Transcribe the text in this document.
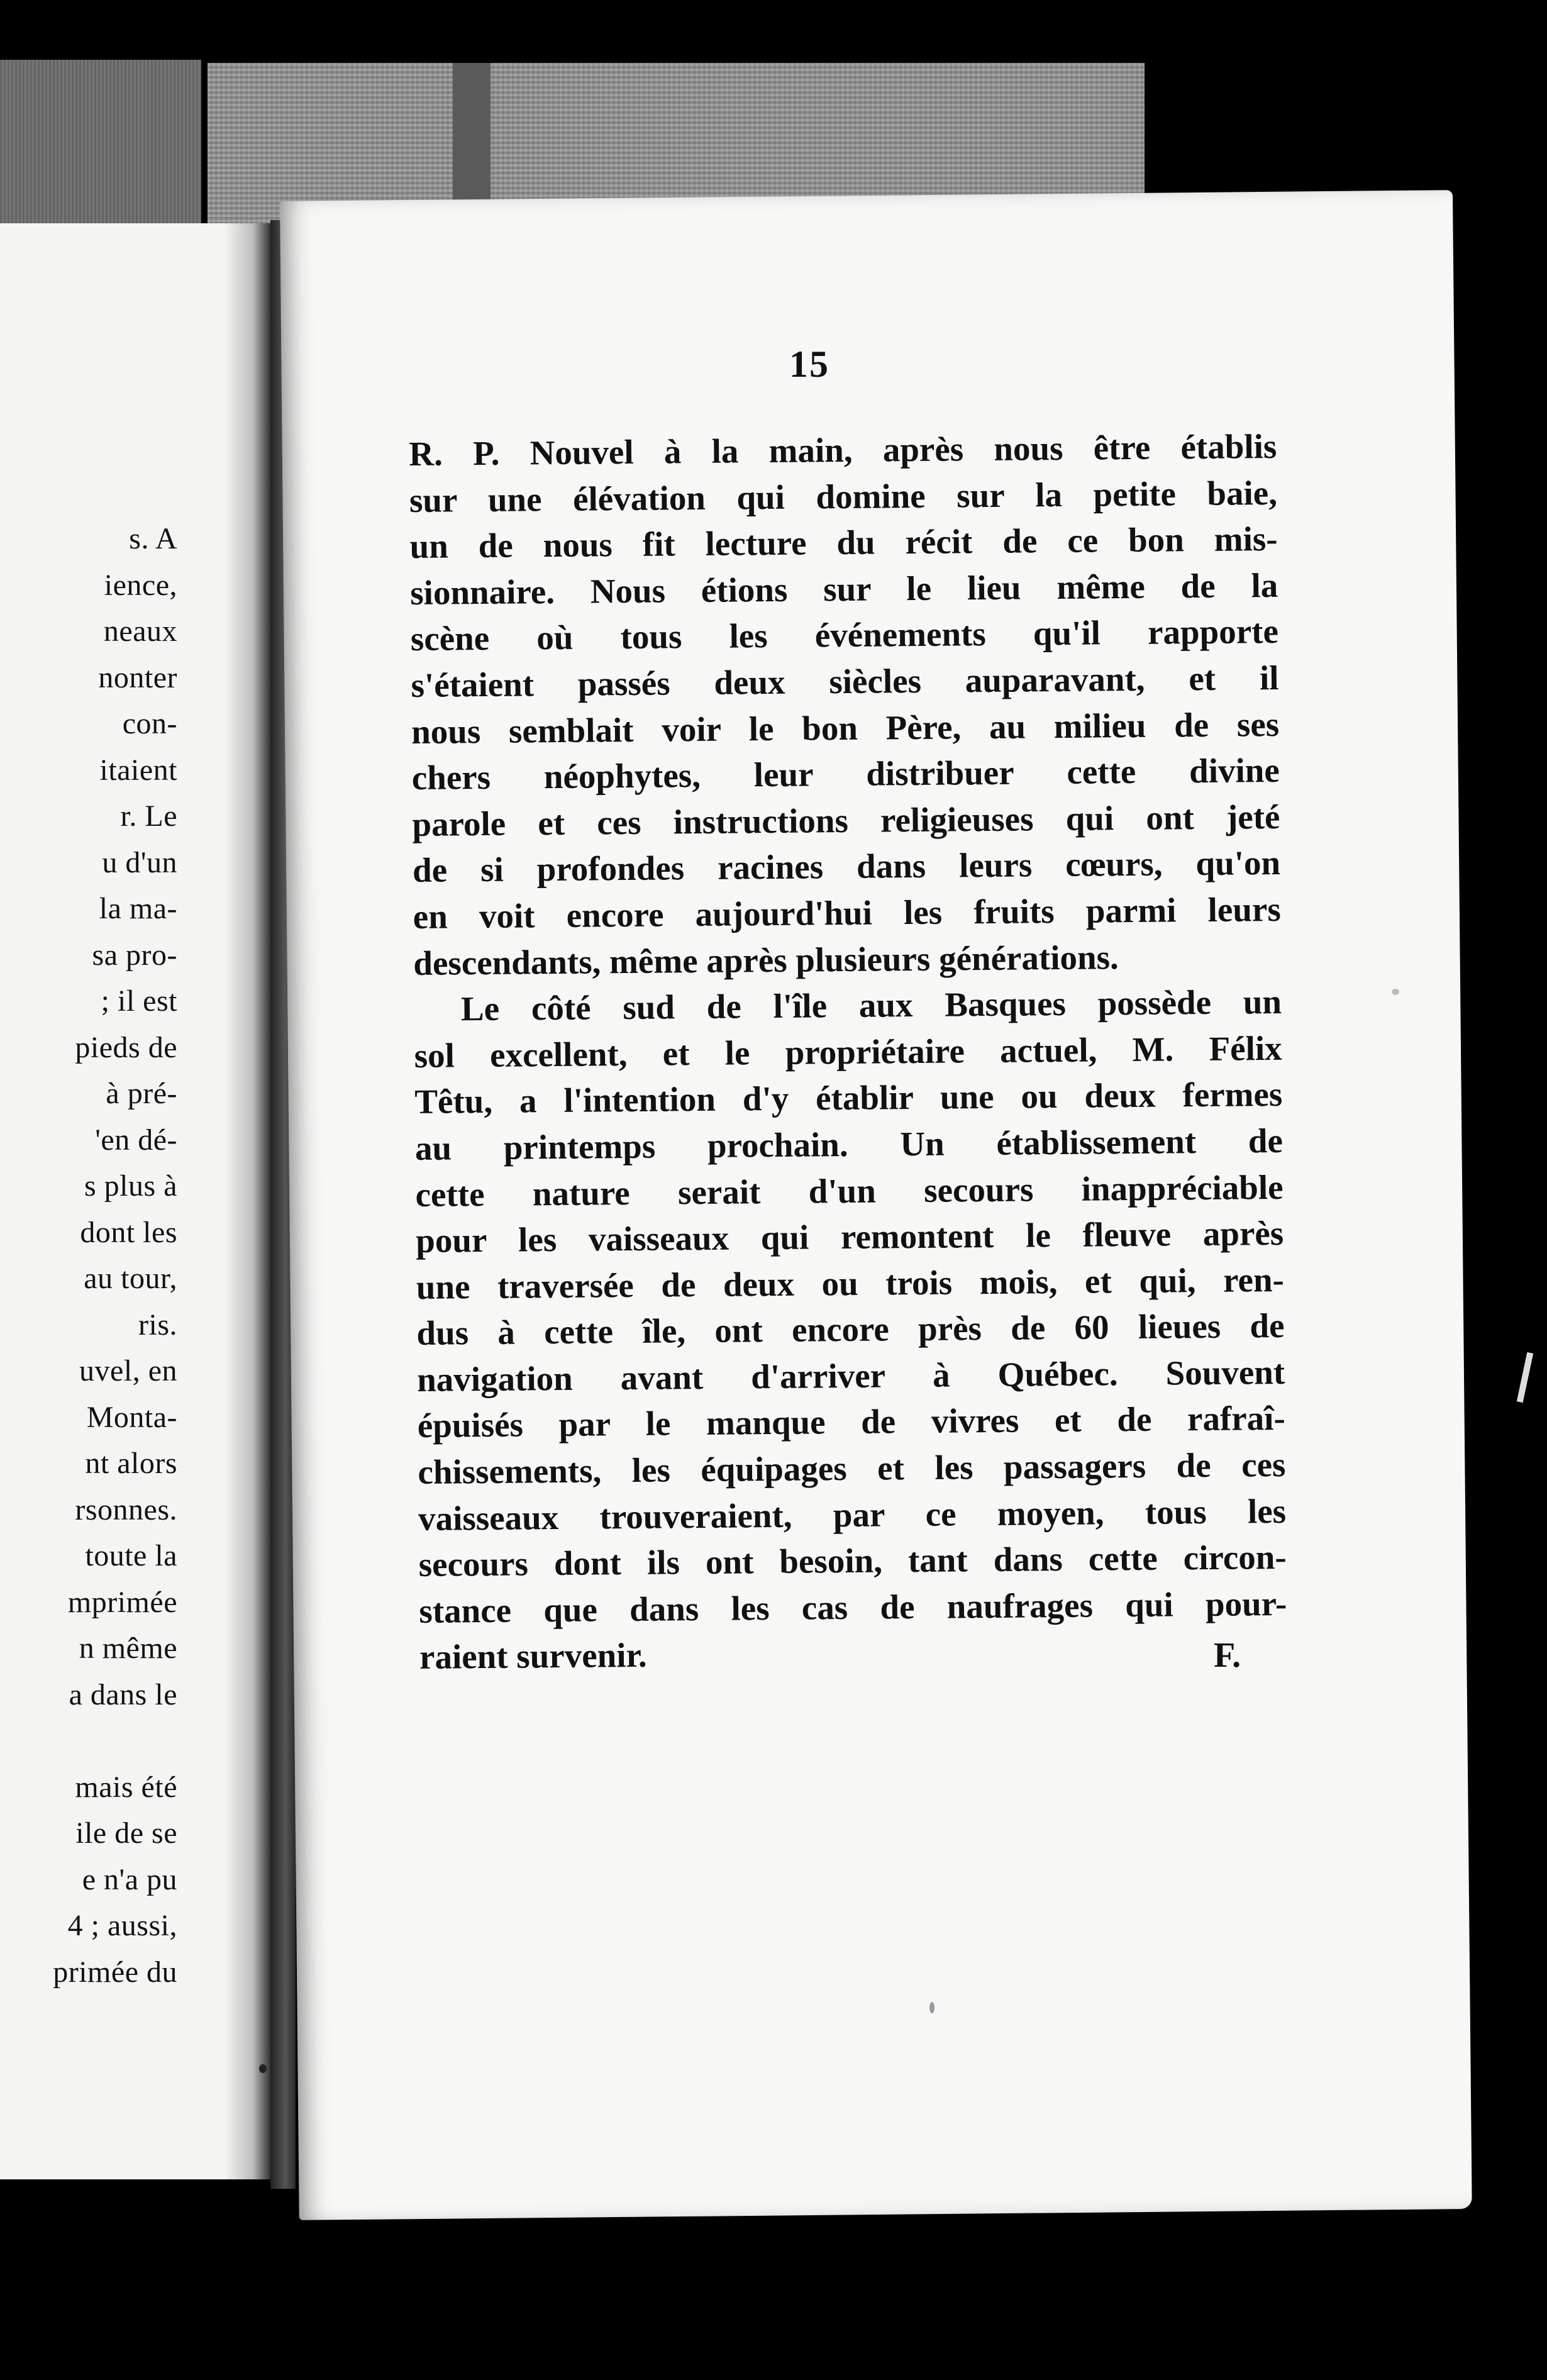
s. A
ience,
neaux
nonter
con-
itaient
r. Le
u d'un
la ma-
sa pro-
; il est
pieds de
à pré-
'en dé-
s plus à
dont les
au tour,
ris.
uvel, en
Monta-
nt alors
rsonnes.
toute la
mprimée
n même
a dans le
mais été
ile de se
e n'a pu
4 ; aussi,
primée du
15
R. P. Nouvel à la main, après nous être établis
sur une élévation qui domine sur la petite baie,
un de nous fit lecture du récit de ce bon mis-
sionnaire. Nous étions sur le lieu même de la
scène où tous les événements qu'il rapporte
s'étaient passés deux siècles auparavant, et il
nous semblait voir le bon Père, au milieu de ses
chers néophytes, leur distribuer cette divine
parole et ces instructions religieuses qui ont jeté
de si profondes racines dans leurs cœurs, qu'on
en voit encore aujourd'hui les fruits parmi leurs
descendants, même après plusieurs générations.
Le côté sud de l'île aux Basques possède un
sol excellent, et le propriétaire actuel, M. Félix
Têtu, a l'intention d'y établir une ou deux fermes
au printemps prochain. Un établissement de
cette nature serait d'un secours inappréciable
pour les vaisseaux qui remontent le fleuve après
une traversée de deux ou trois mois, et qui, ren-
dus à cette île, ont encore près de 60 lieues de
navigation avant d'arriver à Québec. Souvent
épuisés par le manque de vivres et de rafraî-
chissements, les équipages et les passagers de ces
vaisseaux trouveraient, par ce moyen, tous les
secours dont ils ont besoin, tant dans cette circon-
stance que dans les cas de naufrages qui pour-
raient survenir.	F.
